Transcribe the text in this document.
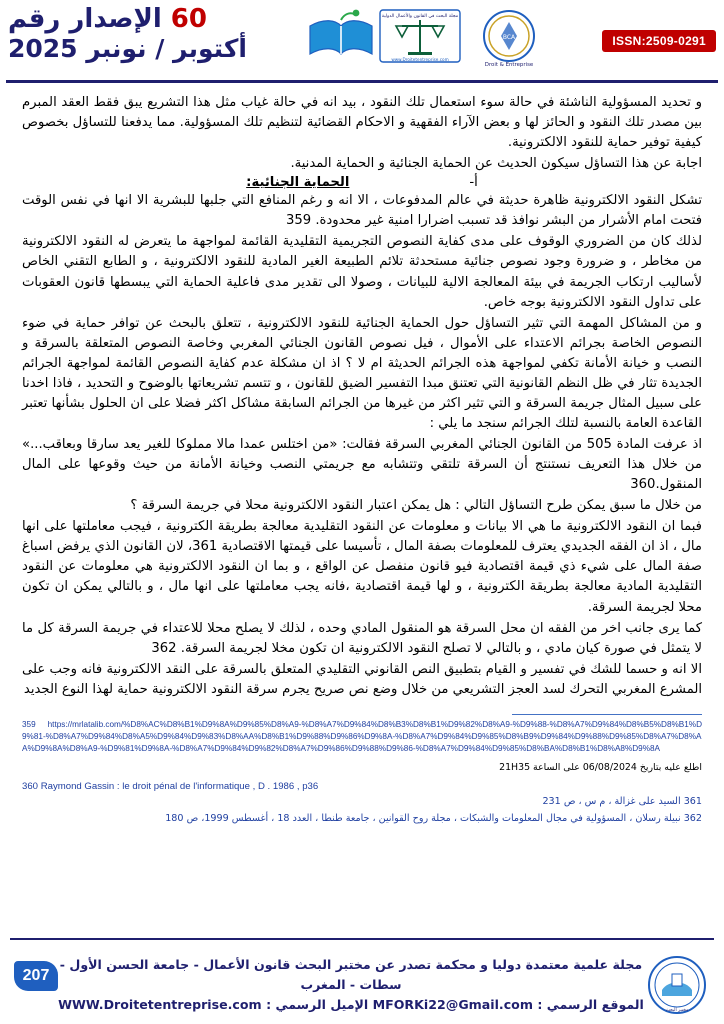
ISSN:2509-0291
BCA
Droit & Entreprise
مجلة البحث في القانون والأعمال الدولية
www.Droitetentreprise.com
60 الإصدار رقم
أكتوبر / نونبر 2025

و تحديد المسؤولية الناشئة في حالة سوء استعمال تلك النقود ، بيد انه في حالة غياب مثل هذا التشريع يبق فقط العقد المبرم بين مصدر تلك النقود و الحائز لها و بعض الآراء الفقهية و الاحكام القضائية لتنظيم تلك المسؤولية. مما يدفعنا للتساؤل بخصوص كيفية توفير حماية للنقود الالكترونية.

اجابة عن هذا التساؤل سيكون الحديث عن الحماية الجنائية و الحماية المدنية.

الحماية الجنائية:	أ-

تشكل النقود الالكترونية ظاهرة حديثة في عالم المدفوعات ، الا انه و رغم المنافع التي جلبها للبشرية الا انها في نفس الوقت فتحت امام الأشرار من البشر نوافذ قد تسبب اضرارا امنية غير محدودة. 359

لذلك كان من الضروري الوقوف على مدى كفاية النصوص التجريمية التقليدية القائمة لمواجهة ما يتعرض له النقود الالكترونية من مخاطر ، و ضرورة وجود نصوص جنائية مستحدثة تلائم الطبيعة الغير المادية للنقود الالكترونية ، و الطابع التقني الخاص لأساليب ارتكاب الجريمة في بيئة المعالجة الالية للبيانات ، وصولا الى تقدير مدى فاعلية الحماية التي يبسطها قانون العقوبات على تداول النقود الالكترونية بوجه خاص.

و من المشاكل المهمة التي تثير التساؤل حول الحماية الجنائية للنقود الالكترونية ، تتعلق بالبحث عن توافر حماية في ضوء النصوص الخاصة بجرائم الاعتداء على الأموال ، فيل نصوص القانون الجنائي المغربي وخاصة النصوص المتعلقة بالسرقة و النصب و خيانة الأمانة تكفي لمواجهة هذه الجرائم الحديثة ام لا ؟ اذ ان مشكلة عدم كفاية النصوص القائمة لمواجهة الجرائم الجديدة تثار في ظل النظم القانونية التي تعتنق مبدا التفسير الضيق للقانون ، و تتسم تشريعاتها بالوضوح و التحديد ، فاذا اخدنا على سبيل المثال جريمة السرقة و التي تثير اكثر من غيرها من الجرائم السابقة مشاكل اكثر فضلا على ان الحلول بشأنها تعتبر القاعدة العامة بالنسبة لتلك الجرائم سنجد ما يلي :

اذ عرفت المادة 505 من القانون الجنائي المغربي السرقة فقالت: «من اختلس عمدا مالا مملوكا للغير يعد سارقا وبعاقب...» من خلال هذا التعريف نستنتج أن السرقة تلتقي وتتشابه مع جريمتي النصب وخيانة الأمانة من حيث وقوعها على المال المنقول.360

من خلال ما سبق يمكن طرح التساؤل التالي : هل يمكن اعتبار النقود الالكترونية محلا في جريمة السرقة ؟

فبما ان النقود الالكترونية ما هي الا بيانات و معلومات عن النقود التقليدية معالجة بطريقة الكترونية ، فيجب معاملتها على انها مال ، اذ ان الفقه الجديدي يعترف للمعلومات بصفة المال ، تأسيسا على قيمتها الاقتصادية 361، لان القانون الذي يرفض اسباغ صفة المال على شيء ذي قيمة اقتصادية فيو قانون منفصل عن الواقع ، و بما ان النقود الالكترونية هي معلومات عن النقود التقليدية المادية معالجة بطريقة الكترونية ، و لها قيمة اقتصادية ،فانه يجب معاملتها على انها مال ، و بالتالي يمكن ان تكون محلا لجريمة السرقة.

كما يرى جانب اخر من الفقه ان محل السرقة هو المنقول المادي وحده ، لذلك لا يصلح محلا للاعتداء في جريمة السرقة كل ما لا يتمثل في صورة كيان مادي ، و بالتالي لا تصلح النقود الالكترونية ان تكون مخلا لجريمة السرقة. 362

الا انه و حسما للشك في تفسير و القيام بتطبيق النص القانوني التقليدي المتعلق بالسرقة على النقد الالكترونية فانه وجب على المشرع المغربي التحرك لسد العجز التشريعي من خلال وضع نص صريح يجرم سرقة النقود الالكترونية حماية لهذا النوع الجديد

359 https://mrlatalib.com/%D8%AC%D8%B1%D9%8A%D9%85%D8%A9-%D8%A7%D9%84%D8%B3%D8%B1%D9%82%D8%A9-%D9%88-%D8%A7%D9%84%D8%B5%D8%B1%D9%81-%D8%A7%D9%84%D8%A5%D9%84%D9%83%D8%AA%D8%B1%D9%88%D9%86%D9%8A-%D8%A7%D9%84%D9%85%D8%B9%D9%84%D9%88%D9%85%D8%A7%D8%AA%D9%8A%D8%A9-%D9%81%D9%8A-%D8%A7%D9%84%D9%82%D8%A7%D9%86%D9%88%D9%86-%D8%A7%D9%84%D9%85%D8%BA%D8%B1%D8%A8%D9%8A
اطلع عليه بتاريخ 06/08/2024 على الساعة 21H35
360 Raymond Gassin : le droit pénal de l'informatique , D . 1986 , p36
361 السيد على غزالة ، م س ، ص 231
362 نبيلة رسلان ، المسؤولية في مجال المعلومات والشبكات ، مجلة روح القوانين ، جامعة طنطا ، العدد 18 ، أغسطس 1999، ص 180
مختبر البحث
مجلة علمية معتمدة دوليا و محكمة تصدر عن مختبر البحث قانون الأعمال - جامعة الحسن الأول - سطات - المغرب
الموقع الرسمي : MFORKi22@Gmail.com الإميل الرسمي : WWW.Droitetentreprise.com
207
